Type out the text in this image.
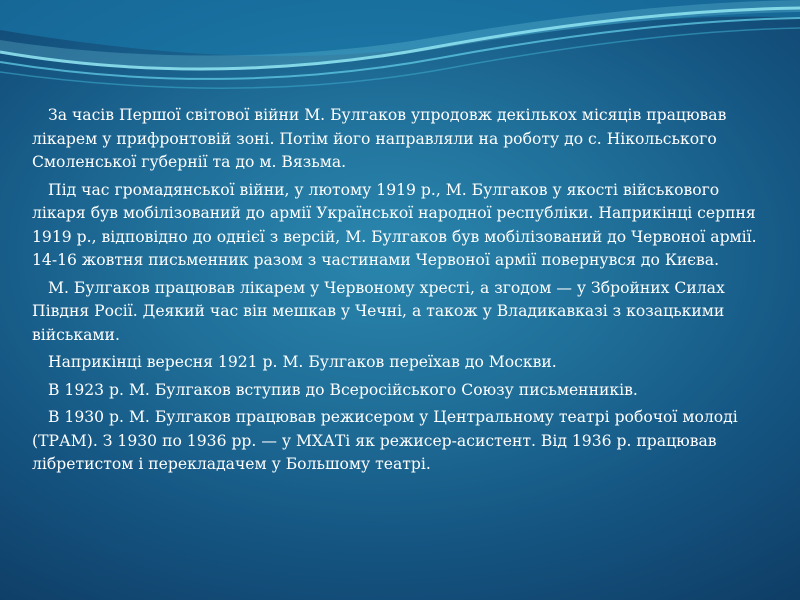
За часів Першої світової війни М. Булгаков упродовж декількох місяців працював лікарем у прифронтовій зоні. Потім його направляли на роботу до с. Нікольського Смоленської губернії та до м. Вязьма.

Під час громадянської війни, у лютому 1919 р., М. Булгаков у якості військового лікаря був мобілізований до армії Української народної республіки. Наприкінці серпня 1919 р., відповідно до однієї з версій, М. Булгаков був мобілізований до Червоної армії. 14-16 жовтня письменник разом з частинами Червоної армії повернувся до Києва.

М. Булгаков працював лікарем у Червоному хресті, а згодом — у Збройних Силах Півдня Росії. Деякий час він мешкав у Чечні, а також у Владикавказі з козацькими військами.

Наприкінці вересня 1921 р. М. Булгаков переїхав до Москви.

В 1923 р. М. Булгаков вступив до Всеросійського Союзу письменників.

В 1930 р. М. Булгаков працював режисером у Центральному театрі робочої молоді (ТРАМ). З 1930 по 1936 рр. — у МХАТі як режисер-асистент. Від 1936 р. працював лібретистом і перекладачем у Большому театрі.
